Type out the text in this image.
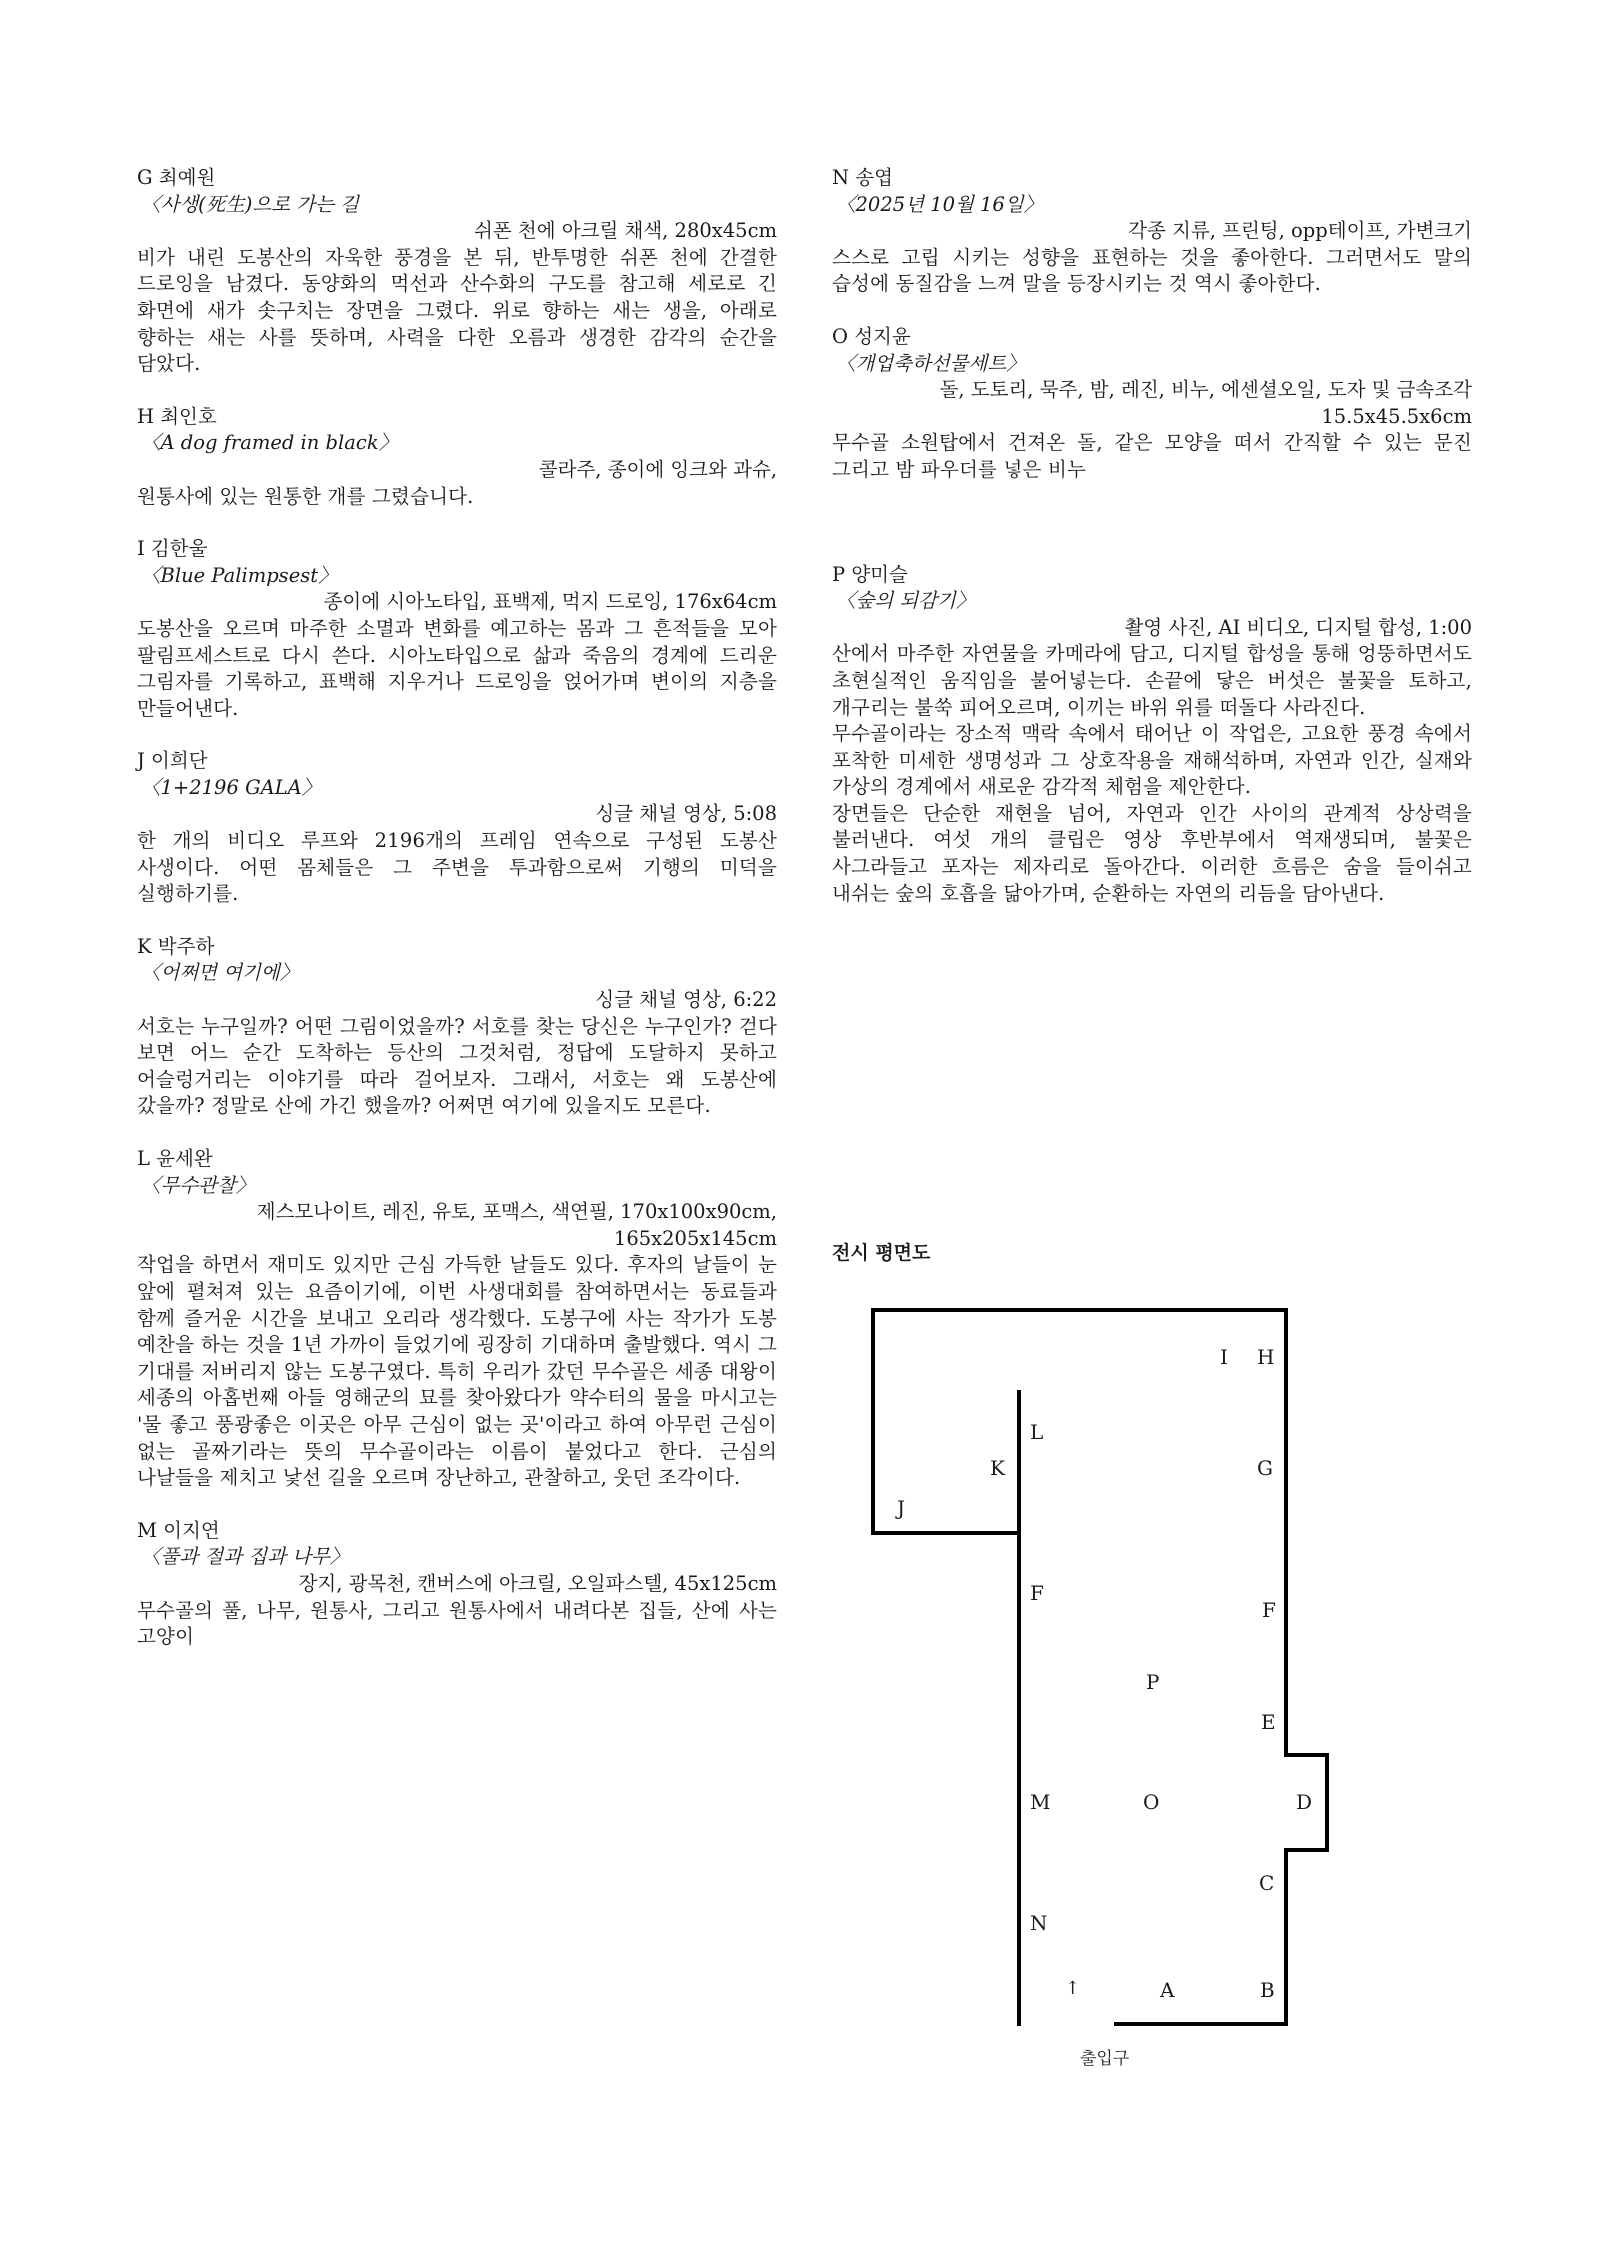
G 최예원
〈사생(死生)으로 가는 길
쉬폰 천에 아크릴 채색, 280x45cm

비가 내린 도봉산의 자욱한 풍경을 본 뒤, 반투명한 쉬폰 천에 간결한 드로잉을 남겼다. 동양화의 먹선과 산수화의 구도를 참고해 세로로 긴 화면에 새가 솟구치는 장면을 그렸다. 위로 향하는 새는 생을, 아래로 향하는 새는 사를 뜻하며, 사력을 다한 오름과 생경한 감각의 순간을 담았다.

H 최인호
〈A dog framed in black〉
콜라주, 종이에 잉크와 과슈,

원통사에 있는 원통한 개를 그렸습니다.

I 김한울
〈Blue Palimpsest〉
종이에 시아노타입, 표백제, 먹지 드로잉, 176x64cm

도봉산을 오르며 마주한 소멸과 변화를 예고하는 몸과 그 흔적들을 모아 팔림프세스트로 다시 쓴다. 시아노타입으로 삶과 죽음의 경계에 드리운 그림자를 기록하고, 표백해 지우거나 드로잉을 얹어가며 변이의 지층을 만들어낸다.

J 이희단
〈1+2196 GALA〉
싱글 채널 영상, 5:08

한 개의 비디오 루프와 2196개의 프레임 연속으로 구성된 도봉산 사생이다. 어떤 몸체들은 그 주변을 투과함으로써 기행의 미덕을 실행하기를.

K 박주하
〈어쩌면 여기에〉
싱글 채널 영상, 6:22

서호는 누구일까? 어떤 그림이었을까? 서호를 찾는 당신은 누구인가? 걷다 보면 어느 순간 도착하는 등산의 그것처럼, 정답에 도달하지 못하고 어슬렁거리는 이야기를 따라 걸어보자. 그래서, 서호는 왜 도봉산에 갔을까? 정말로 산에 가긴 했을까? 어쩌면 여기에 있을지도 모른다.

L 윤세완
〈무수관찰〉
제스모나이트, 레진, 유토, 포맥스, 색연필, 170x100x90cm,
165x205x145cm

작업을 하면서 재미도 있지만 근심 가득한 날들도 있다. 후자의 날들이 눈 앞에 펼쳐져 있는 요즘이기에, 이번 사생대회를 참여하면서는 동료들과 함께 즐거운 시간을 보내고 오리라 생각했다. 도봉구에 사는 작가가 도봉 예찬을 하는 것을 1년 가까이 들었기에 굉장히 기대하며 출발했다. 역시 그 기대를 저버리지 않는 도봉구였다. 특히 우리가 갔던 무수골은 세종 대왕이 세종의 아홉번째 아들 영해군의 묘를 찾아왔다가 약수터의 물을 마시고는 '물 좋고 풍광좋은 이곳은 아무 근심이 없는 곳'이라고 하여 아무런 근심이 없는 골짜기라는 뜻의 무수골이라는 이름이 붙었다고 한다. 근심의 나날들을 제치고 낯선 길을 오르며 장난하고, 관찰하고, 웃던 조각이다.

M 이지연
〈풀과 절과 집과 나무〉
장지, 광목천, 캔버스에 아크릴, 오일파스텔, 45x125cm

무수골의 풀, 나무, 원통사, 그리고 원통사에서 내려다본 집들, 산에 사는 고양이

N 송엽
〈2025년 10월 16일〉
각종 지류, 프린팅, opp테이프, 가변크기

스스로 고립 시키는 성향을 표현하는 것을 좋아한다. 그러면서도 말의 습성에 동질감을 느껴 말을 등장시키는 것 역시 좋아한다.

O 성지윤
〈개업축하선물세트〉
돌, 도토리, 묵주, 밤, 레진, 비누, 에센셜오일, 도자 및 금속조각
15.5x45.5x6cm

무수골 소원탑에서 건져온 돌, 같은 모양을 떠서 간직할 수 있는 문진 그리고 밤 파우더를 넣은 비누

P 양미슬
〈숲의 되감기〉
촬영 사진, AI 비디오, 디지털 합성, 1:00

산에서 마주한 자연물을 카메라에 담고, 디지털 합성을 통해 엉뚱하면서도 초현실적인 움직임을 불어넣는다. 손끝에 닿은 버섯은 불꽃을 토하고, 개구리는 불쑥 피어오르며, 이끼는 바위 위를 떠돌다 사라진다.

무수골이라는 장소적 맥락 속에서 태어난 이 작업은, 고요한 풍경 속에서 포착한 미세한 생명성과 그 상호작용을 재해석하며, 자연과 인간, 실재와 가상의 경계에서 새로운 감각적 체험을 제안한다.

장면들은 단순한 재현을 넘어, 자연과 인간 사이의 관계적 상상력을 불러낸다. 여섯 개의 클립은 영상 후반부에서 역재생되며, 불꽃은 사그라들고 포자는 제자리로 돌아간다. 이러한 흐름은 숨을 들이쉬고 내쉬는 숲의 호흡을 닮아가며, 순환하는 자연의 리듬을 담아낸다.

전시 평면도
I H
L
K	G
J
F
F
P
E
M	O	D
C
N
A	B
↑
출입구
